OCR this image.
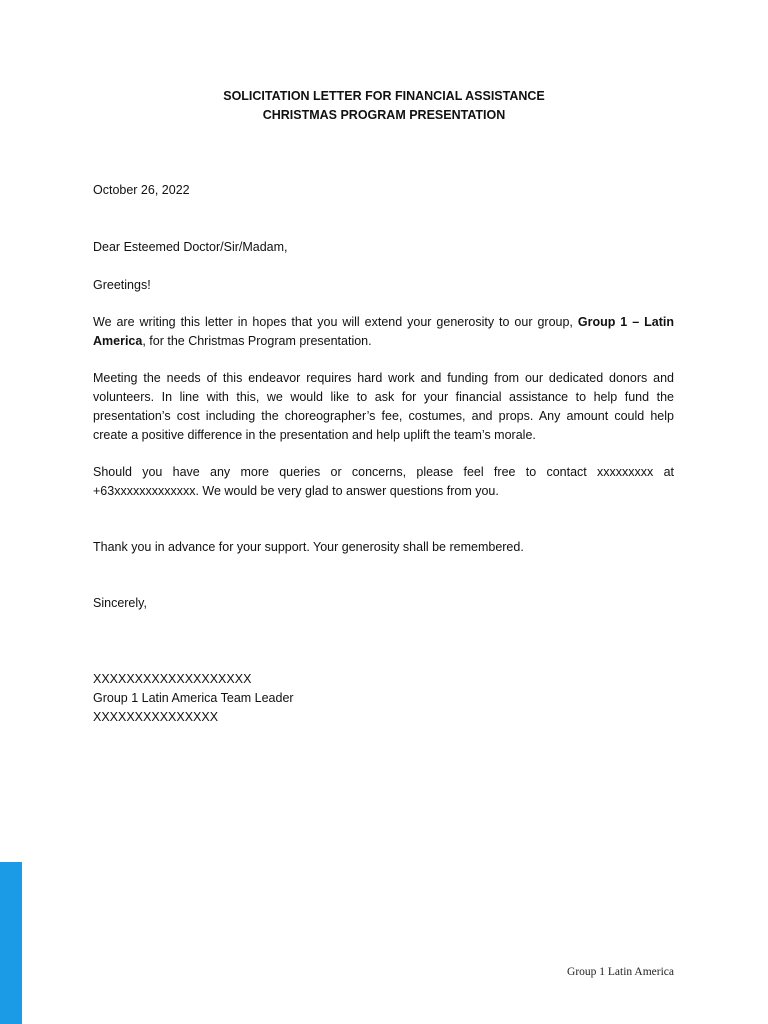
SOLICITATION LETTER FOR FINANCIAL ASSISTANCE
CHRISTMAS PROGRAM PRESENTATION
October 26, 2022
Dear Esteemed Doctor/Sir/Madam,
Greetings!
We are writing this letter in hopes that you will extend your generosity to our group, Group 1 – Latin
America, for the Christmas Program presentation.
Meeting the needs of this endeavor requires hard work and funding from our dedicated donors and
volunteers. In line with this, we would like to ask for your financial assistance to help fund the
presentation’s cost including the choreographer’s fee, costumes, and props. Any amount could help
create a positive difference in the presentation and help uplift the team’s morale.
Should you have any more queries or concerns, please feel free to contact xxxxxxxxx at
+63xxxxxxxxxxxxx. We would be very glad to answer questions from you.
Thank you in advance for your support. Your generosity shall be remembered.
Sincerely,
XXXXXXXXXXXXXXXXXXX
Group 1 Latin America Team Leader
XXXXXXXXXXXXXXX
Group 1 Latin America
